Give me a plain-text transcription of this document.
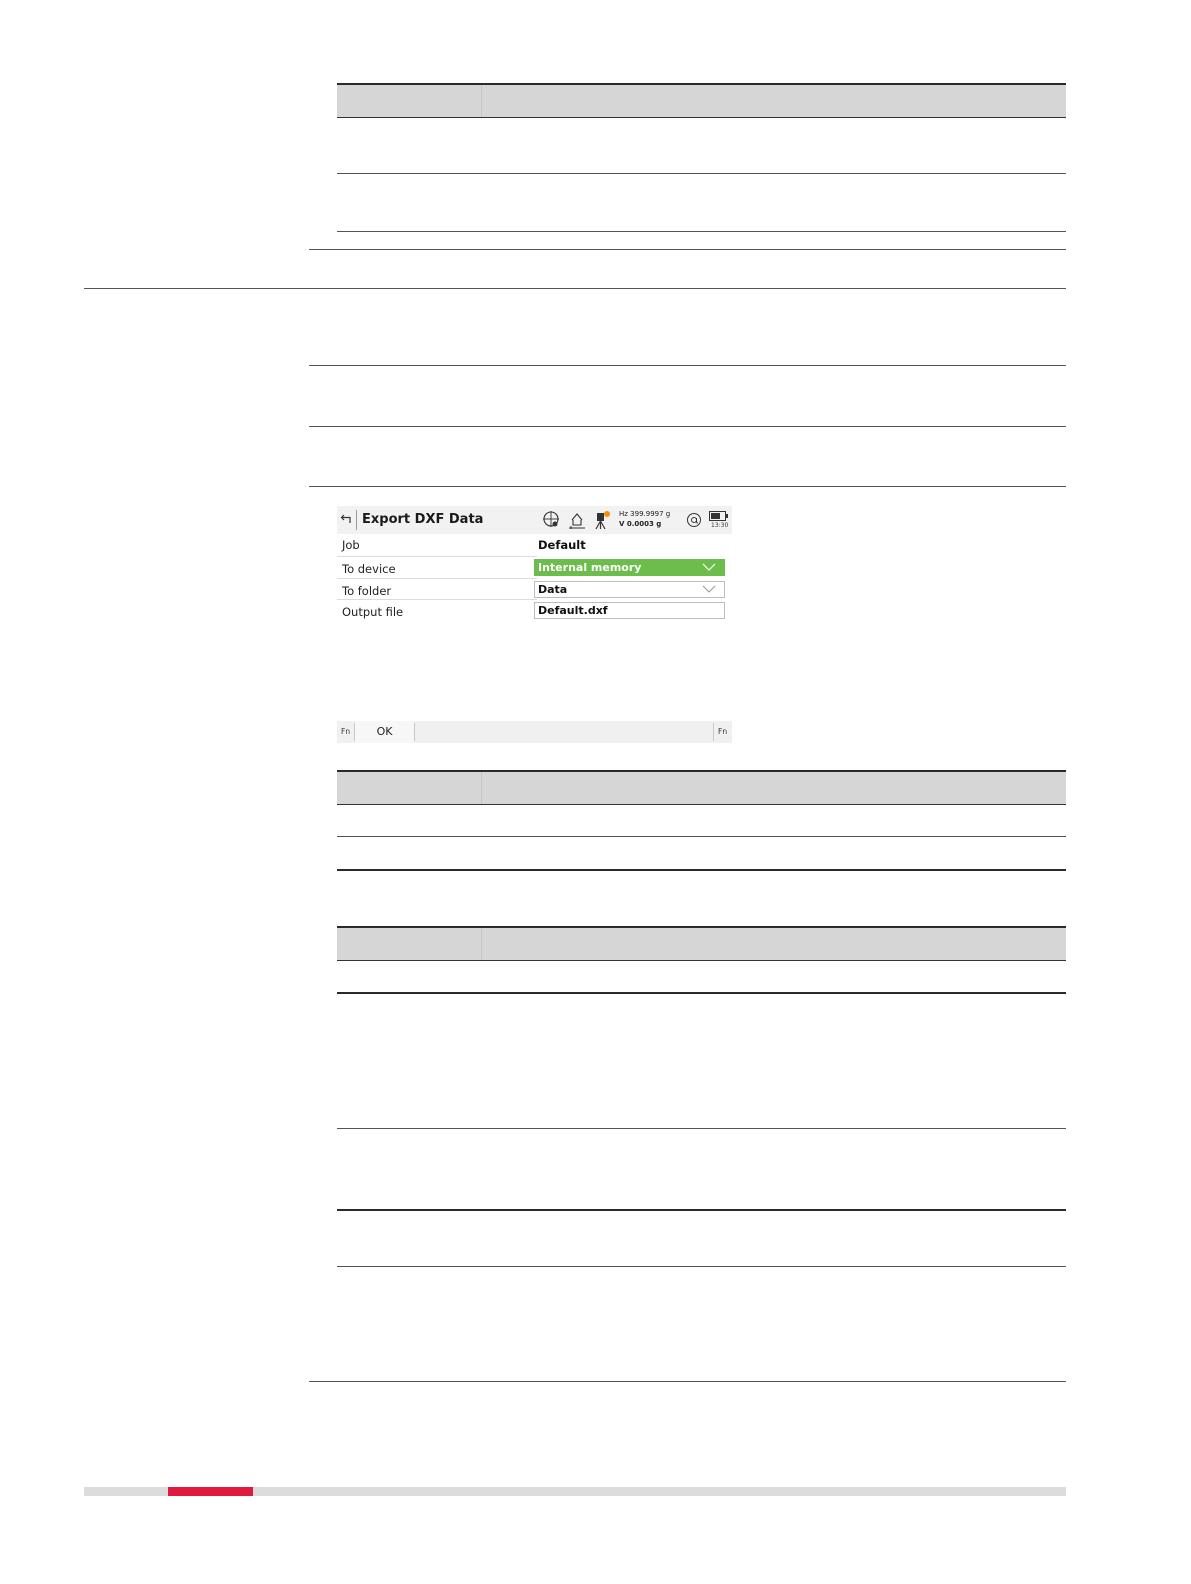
Export DXF Data	Hz 399.9997 g
V 0.0003 g	13:30
Job	Default
To device	Internal memory
To folder	Data
Output file	Default.dxf
Fn	OK	Fn
